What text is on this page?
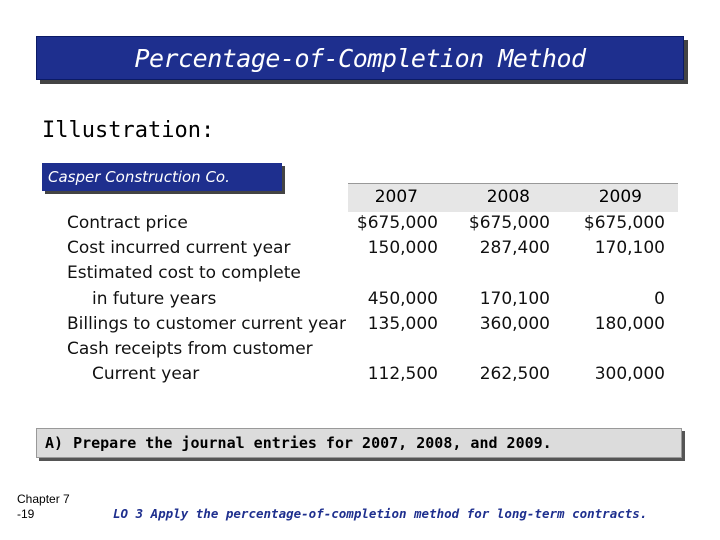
Percentage-of-Completion Method
Illustration:
Casper Construction Co.
2007	2008	2009
Contract price	$675,000	$675,000	$675,000
Cost incurred current year	150,000	287,400	170,100
Estimated cost to complete
in future years	450,000	170,100	0
Billings to customer current year	135,000	360,000	180,000
Cash receipts from customer
Current year	112,500	262,500	300,000
A) Prepare the journal entries for 2007, 2008, and 2009.
Chapter 7
-19	LO 3 Apply the percentage-of-completion method for long-term contracts.
